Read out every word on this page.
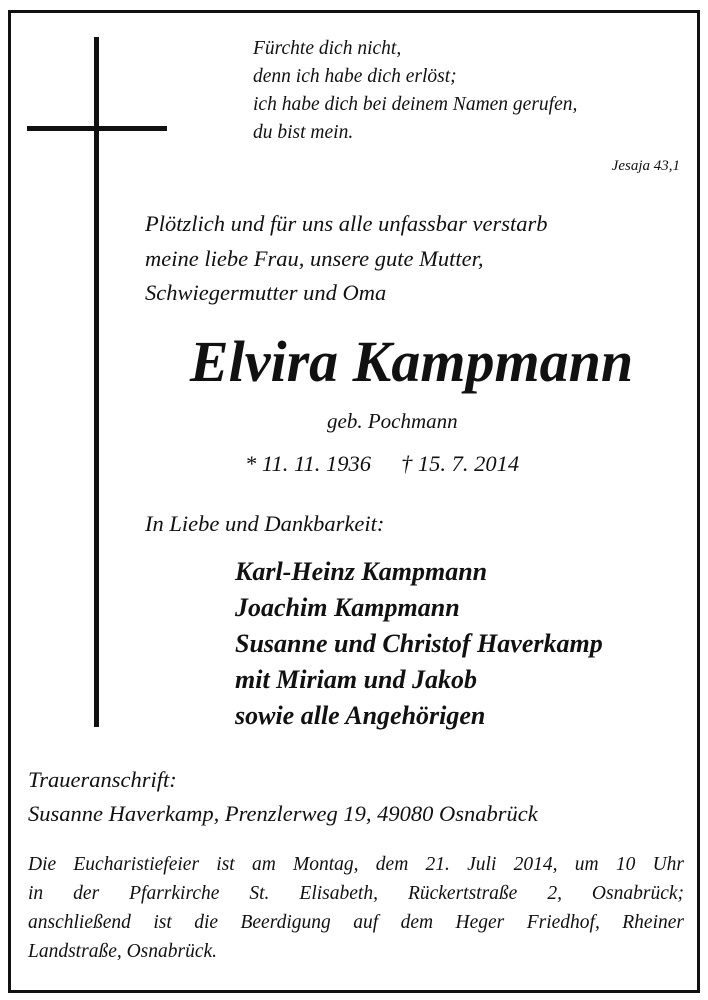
Fürchte dich nicht,
denn ich habe dich erlöst;
ich habe dich bei deinem Namen gerufen,
du bist mein.
Jesaja 43,1
Plötzlich und für uns alle unfassbar verstarb
meine liebe Frau, unsere gute Mutter,
Schwiegermutter und Oma
Elvira Kampmann
geb. Pochmann
* 11. 11. 1936 † 15. 7. 2014
In Liebe und Dankbarkeit:
Karl-Heinz Kampmann
Joachim Kampmann
Susanne und Christof Haverkamp
mit Miriam und Jakob
sowie alle Angehörigen
Traueranschrift:
Susanne Haverkamp, Prenzlerweg 19, 49080 Osnabrück
Die Eucharistiefeier ist am Montag, dem 21. Juli 2014, um 10 Uhr
in der Pfarrkirche St. Elisabeth, Rückertstraße 2, Osnabrück;
anschließend ist die Beerdigung auf dem Heger Friedhof, Rheiner
Landstraße, Osnabrück.
